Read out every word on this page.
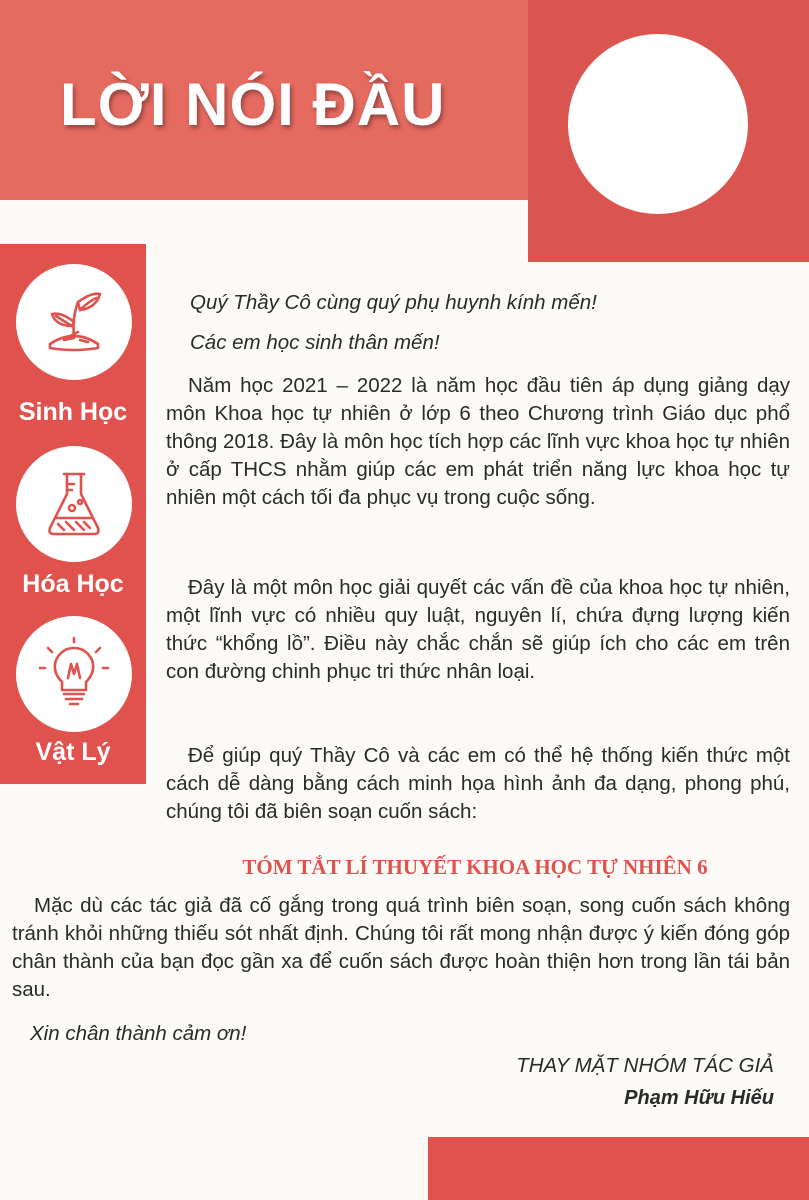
LỜI NÓI ĐẦU
Sinh Học
Hóa Học
Vật Lý

Quý Thầy Cô cùng quý phụ huynh kính mến!

Các em học sinh thân mến!

Năm học 2021 – 2022 là năm học đầu tiên áp dụng giảng dạy môn Khoa học tự nhiên ở lớp 6 theo Chương trình Giáo dục phổ thông 2018. Đây là môn học tích hợp các lĩnh vực khoa học tự nhiên ở cấp THCS nhằm giúp các em phát triển năng lực khoa học tự nhiên một cách tối đa phục vụ trong cuộc sống.

Đây là một môn học giải quyết các vấn đề của khoa học tự nhiên, một lĩnh vực có nhiều quy luật, nguyên lí, chứa đựng lượng kiến thức “khổng lồ”. Điều này chắc chắn sẽ giúp ích cho các em trên con đường chinh phục tri thức nhân loại.

Để giúp quý Thầy Cô và các em có thể hệ thống kiến thức một cách dễ dàng bằng cách minh họa hình ảnh đa dạng, phong phú, chúng tôi đã biên soạn cuốn sách:

TÓM TẮT LÍ THUYẾT KHOA HỌC TỰ NHIÊN 6

Mặc dù các tác giả đã cố gắng trong quá trình biên soạn, song cuốn sách không tránh khỏi những thiếu sót nhất định. Chúng tôi rất mong nhận được ý kiến đóng góp chân thành của bạn đọc gần xa để cuốn sách được hoàn thiện hơn trong lần tái bản sau.

Xin chân thành cảm ơn!

THAY MẶT NHÓM TÁC GIẢ
Phạm Hữu Hiếu
